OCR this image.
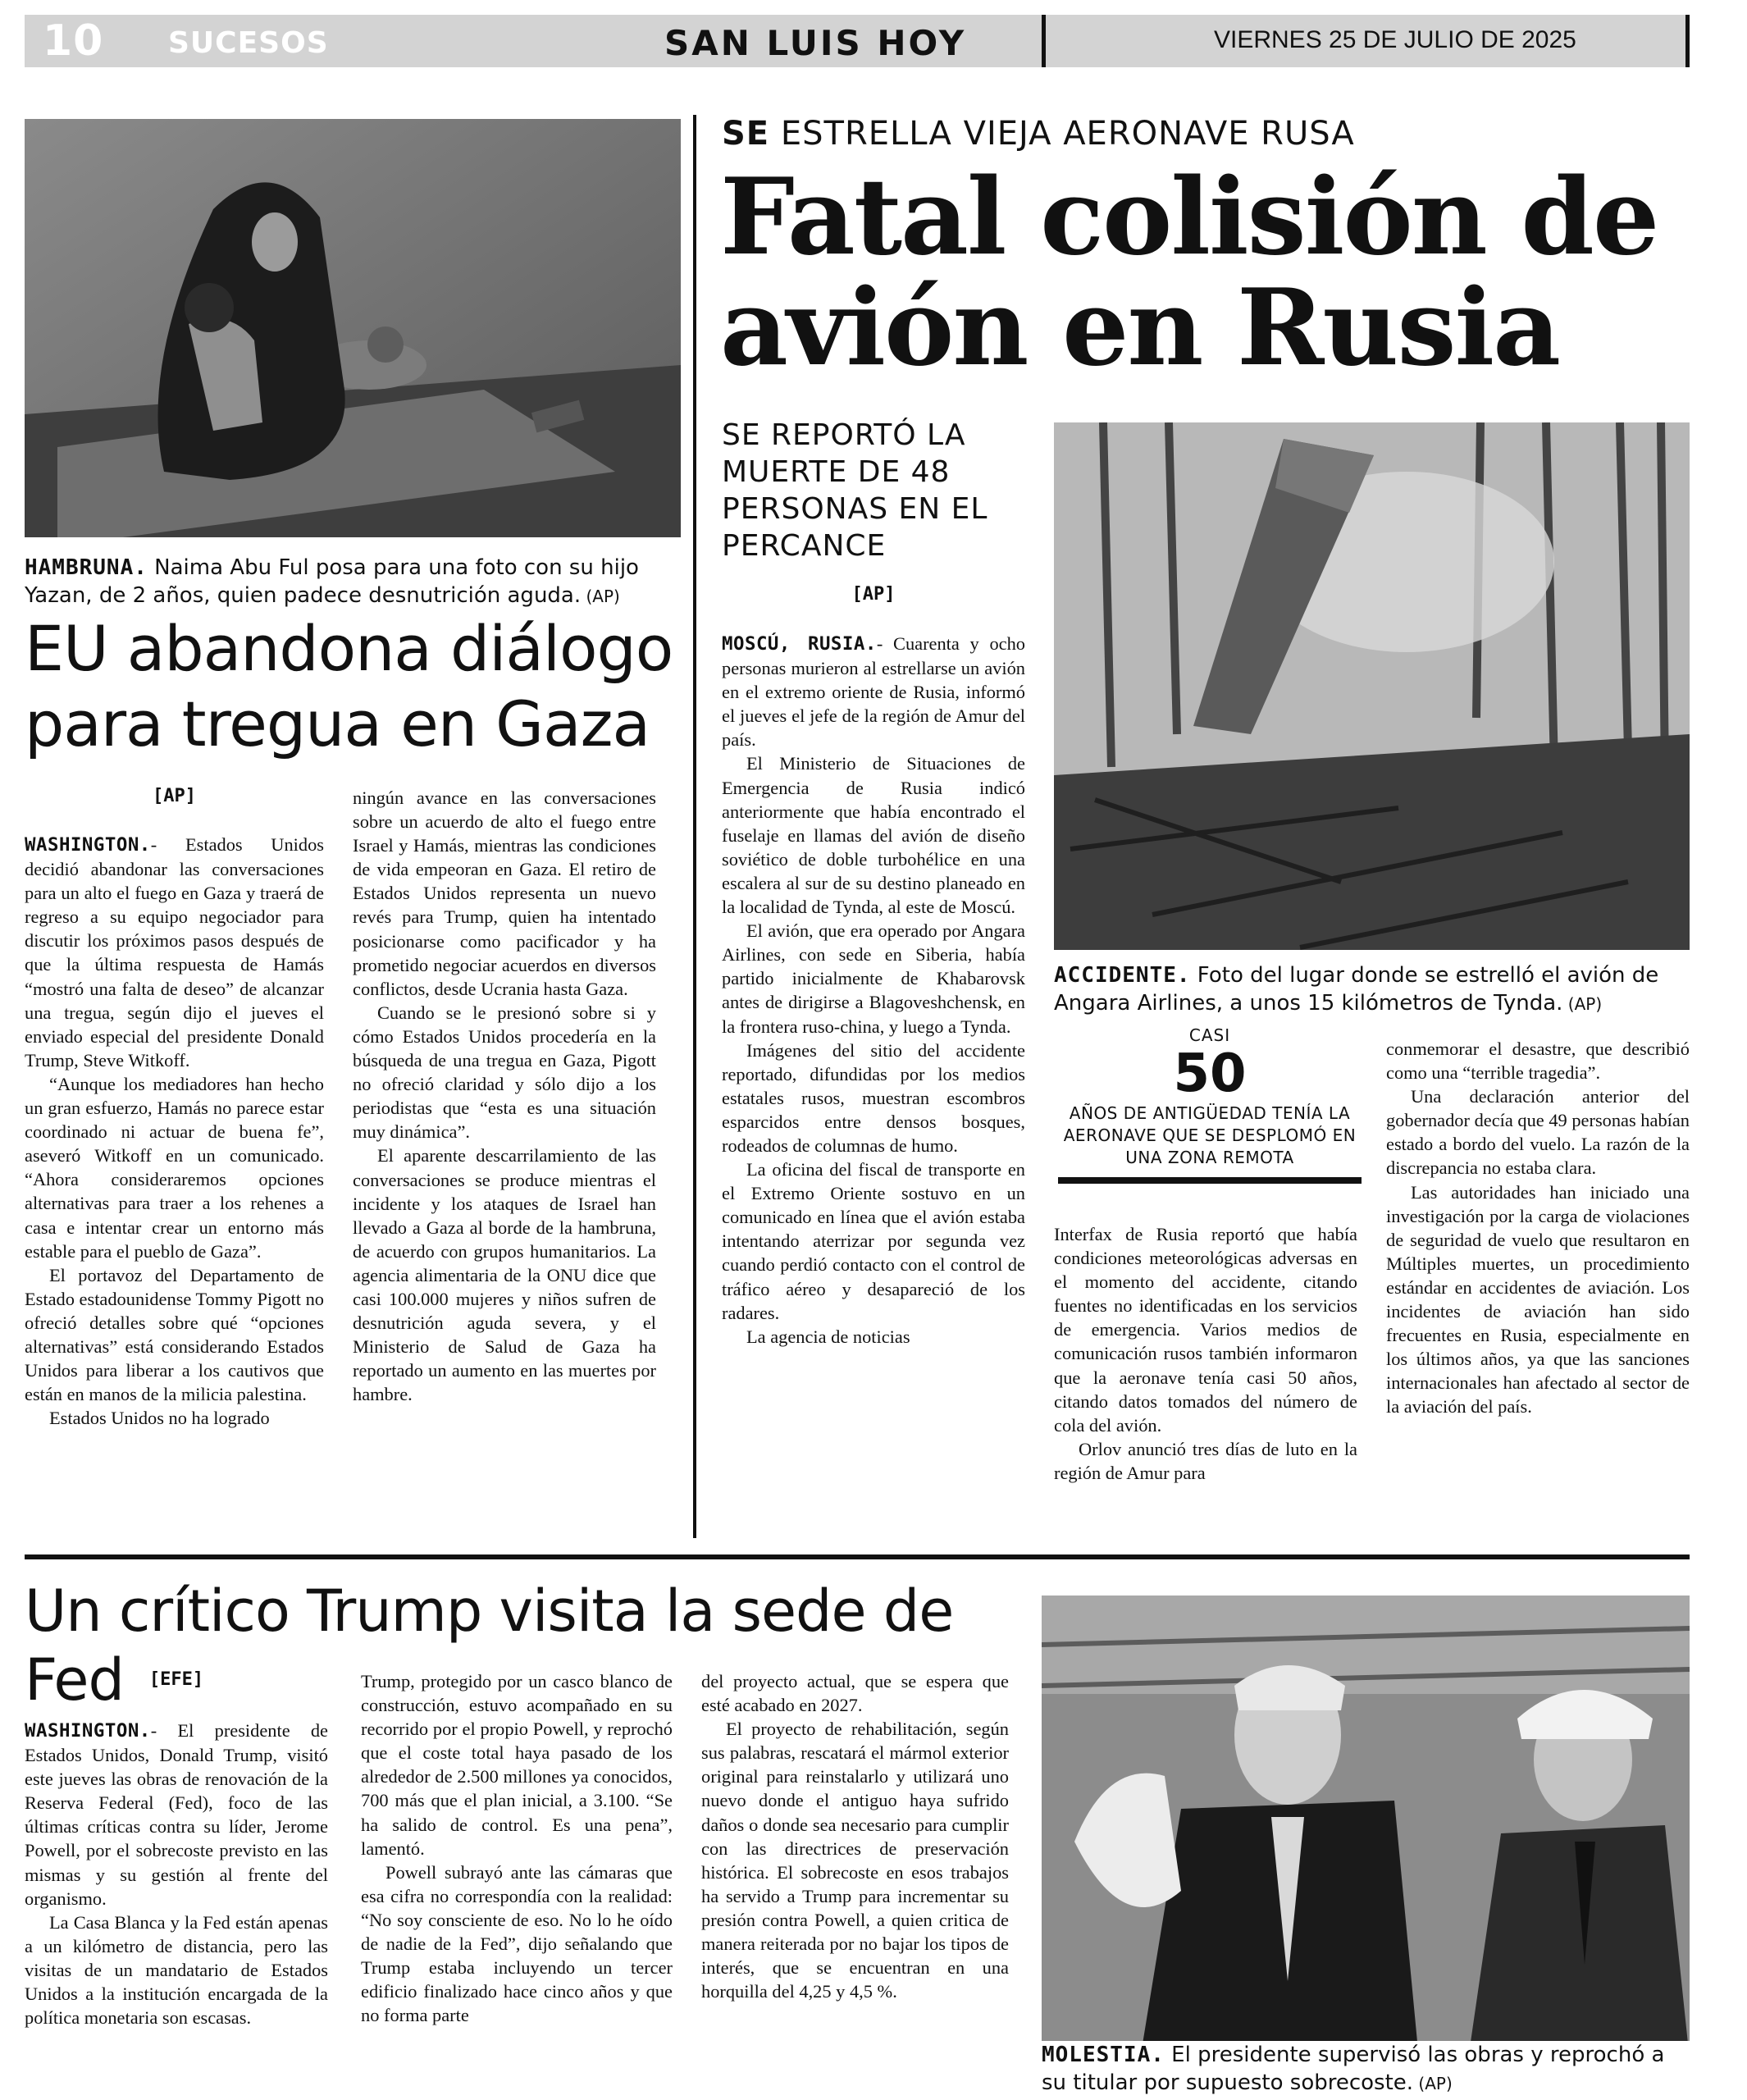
10 SUCESOS	SAN LUIS HOY	VIERNES 25 DE JULIO DE 2025
HAMBRUNA. Naima Abu Ful posa para una foto con su hijo Yazan, de 2 años, quien padece desnutrición aguda. (AP)
EU abandona diálogo para tregua en Gaza
[AP]

WASHINGTON.- Estados Unidos decidió abandonar las conversaciones para un alto el fuego en Gaza y traerá de regreso a su equipo negociador para discutir los próximos pasos después de que la última respuesta de Hamás “mostró una falta de deseo” de alcanzar una tregua, según dijo el jueves el enviado especial del presidente Donald Trump, Steve Witkoff.

“Aunque los mediadores han hecho un gran esfuerzo, Hamás no parece estar coordinado ni actuar de buena fe”, aseveró Witkoff en un comunicado. “Ahora consideraremos opciones alternativas para traer a los rehenes a casa e intentar crear un entorno más estable para el pueblo de Gaza”.

El portavoz del Departamento de Estado estadounidense Tommy Pigott no ofreció detalles sobre qué “opciones alternativas” está considerando Estados Unidos para liberar a los cautivos que están en manos de la milicia palestina.

Estados Unidos no ha logrado

ningún avance en las conversaciones sobre un acuerdo de alto el fuego entre Israel y Hamás, mientras las condiciones de vida empeoran en Gaza. El retiro de Estados Unidos representa un nuevo revés para Trump, quien ha intentado posicionarse como pacificador y ha prometido negociar acuerdos en diversos conflictos, desde Ucrania hasta Gaza.

Cuando se le presionó sobre si y cómo Estados Unidos procedería en la búsqueda de una tregua en Gaza, Pigott no ofreció claridad y sólo dijo a los periodistas que “esta es una situación muy dinámica”.

El aparente descarrilamiento de las conversaciones se produce mientras el incidente y los ataques de Israel han llevado a Gaza al borde de la hambruna, de acuerdo con grupos humanitarios. La agencia alimentaria de la ONU dice que casi 100.000 mujeres y niños sufren de desnutrición aguda severa, y el Ministerio de Salud de Gaza ha reportado un aumento en las muertes por hambre.

SE ESTRELLA VIEJA AERONAVE RUSA
Fatal colisión de avión en Rusia
SE REPORTÓ LA MUERTE DE 48 PERSONAS EN EL PERCANCE
[AP]
ACCIDENTE. Foto del lugar donde se estrelló el avión de Angara Airlines, a unos 15 kilómetros de Tynda. (AP)

MOSCÚ, RUSIA.- Cuarenta y ocho personas murieron al estrellarse un avión en el extremo oriente de Rusia, informó el jueves el jefe de la región de Amur del país.

El Ministerio de Situaciones de Emergencia de Rusia indicó anteriormente que había encontrado el fuselaje en llamas del avión de diseño soviético de doble turbohélice en una escalera al sur de su destino planeado en la localidad de Tynda, al este de Moscú.

El avión, que era operado por Angara Airlines, con sede en Siberia, había partido inicialmente de Khabarovsk antes de dirigirse a Blagoveshchensk, en la frontera ruso-china, y luego a Tynda.

Imágenes del sitio del accidente reportado, difundidas por los medios estatales rusos, muestran escombros esparcidos entre densos bosques, rodeados de columnas de humo.

La oficina del fiscal de transporte en el Extremo Oriente sostuvo en un comunicado en línea que el avión estaba intentando aterrizar por segunda vez cuando perdió contacto con el control de tráfico aéreo y desapareció de los radares.

La agencia de noticias

CASI
50
AÑOS DE ANTIGÜEDAD TENÍA LA AERONAVE QUE SE DESPLOMÓ EN UNA ZONA REMOTA

Interfax de Rusia reportó que había condiciones meteorológicas adversas en el momento del accidente, citando fuentes no identificadas en los servicios de emergencia. Varios medios de comunicación rusos también informaron que la aeronave tenía casi 50 años, citando datos tomados del número de cola del avión.

Orlov anunció tres días de luto en la región de Amur para

conmemorar el desastre, que describió como una “terrible tragedia”.

Una declaración anterior del gobernador decía que 49 personas habían estado a bordo del vuelo. La razón de la discrepancia no estaba clara.

Las autoridades han iniciado una investigación por la carga de violaciones de seguridad de vuelo que resultaron en Múltiples muertes, un procedimiento estándar en accidentes de aviación. Los incidentes de aviación han sido frecuentes en Rusia, especialmente en los últimos años, ya que las sanciones internacionales han afectado al sector de la aviación del país.

Un crítico Trump visita la sede de Fed	[EFE]

WASHINGTON.- El presidente de Estados Unidos, Donald Trump, visitó este jueves las obras de renovación de la Reserva Federal (Fed), foco de las últimas críticas contra su líder, Jerome Powell, por el sobrecoste previsto en las mismas y su gestión al frente del organismo.

La Casa Blanca y la Fed están apenas a un kilómetro de distancia, pero las visitas de un mandatario de Estados Unidos a la institución encargada de la política monetaria son escasas.

Trump, protegido por un casco blanco de construcción, estuvo acompañado en su recorrido por el propio Powell, y reprochó que el coste total haya pasado de los alrededor de 2.500 millones ya conocidos, 700 más que el plan inicial, a 3.100. “Se ha salido de control. Es una pena”, lamentó.

Powell subrayó ante las cámaras que esa cifra no correspondía con la realidad: “No soy consciente de eso. No lo he oído de nadie de la Fed”, dijo señalando que Trump estaba incluyendo un tercer edificio finalizado hace cinco años y que no forma parte

del proyecto actual, que se espera que esté acabado en 2027.

El proyecto de rehabilitación, según sus palabras, rescatará el mármol exterior original para reinstalarlo y utilizará uno nuevo donde el antiguo haya sufrido daños o donde sea necesario para cumplir con las directrices de preservación histórica. El sobrecoste en esos trabajos ha servido a Trump para incrementar su presión contra Powell, a quien critica de manera reiterada por no bajar los tipos de interés, que se encuentran en una horquilla del 4,25 y 4,5 %.

MOLESTIA. El presidente supervisó las obras y reprochó a su titular por supuesto sobrecoste. (AP)
